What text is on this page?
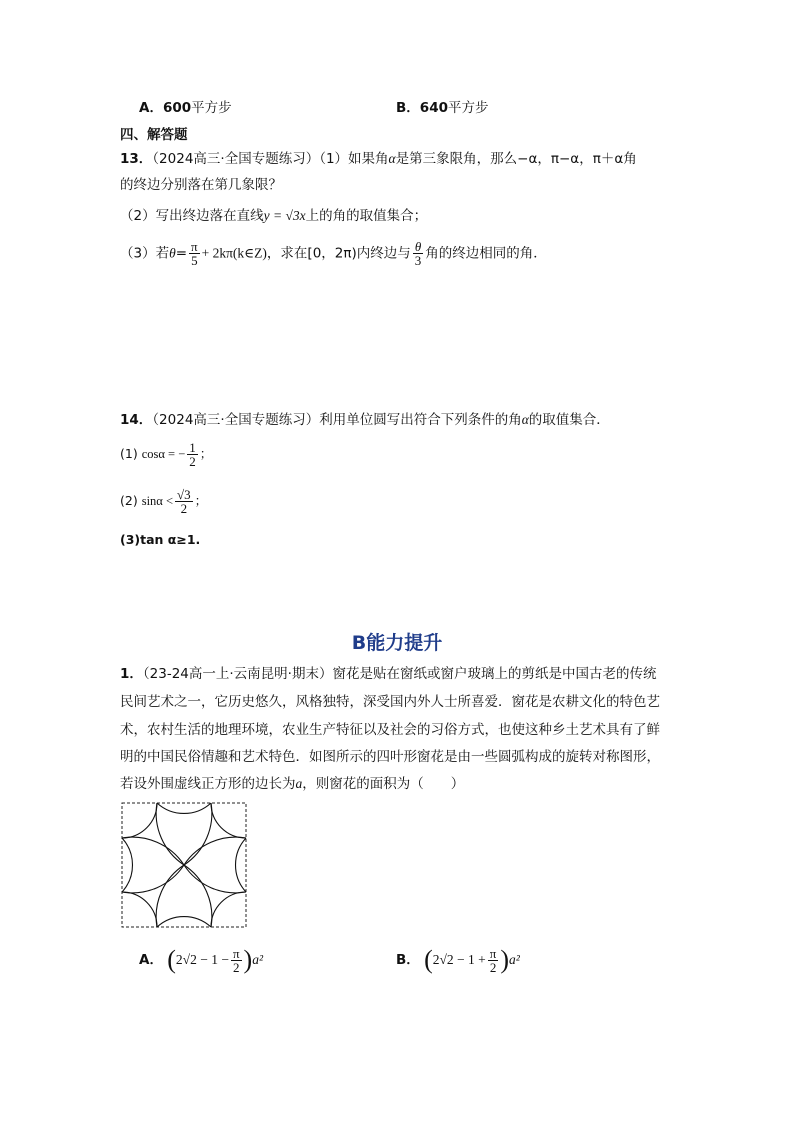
A．600平方步	B．640平方步
四、解答题
13．（2024高三·全国专题练习）（1）如果角α是第三象限角，那么−α，π−α，π＋α角
的终边分别落在第几象限？
（2）写出终边落在直线y = √3x上的角的取值集合；
（3）若$\theta= \frac{\pi}{5}$ + 2kπ(k∈Z)，求在[0，2π)内终边与 $\frac{\theta}{3}$ 角的终边相同的角．
14．（2024高三·全国专题练习）利用单位圆写出符合下列条件的角α的取值集合．
(1) cosα = − $\frac{1}{2}$ ；
(2) $\sin\alpha < \frac{√3}{2}$ ；
(3)tan α≥1.
B能力提升
1．（23-24高一上·云南昆明·期末）窗花是贴在窗纸或窗户玻璃上的剪纸是中国古老的传统
民间艺术之一，它历史悠久，风格独特，深受国内外人士所喜爱．窗花是农耕文化的特色艺
术，农村生活的地理环境，农业生产特征以及社会的习俗方式，也使这种乡土艺术具有了鲜
明的中国民俗情趣和艺术特色．如图所示的四叶形窗花是由一些圆弧构成的旋转对称图形，
若设外围虚线正方形的边长为a，则窗花的面积为（　　）
A． $(2√2 - 1 - \frac{\pi}{2} )a^2$	B． $(2√2 - 1 + \frac{\pi}{2} )a^2$
